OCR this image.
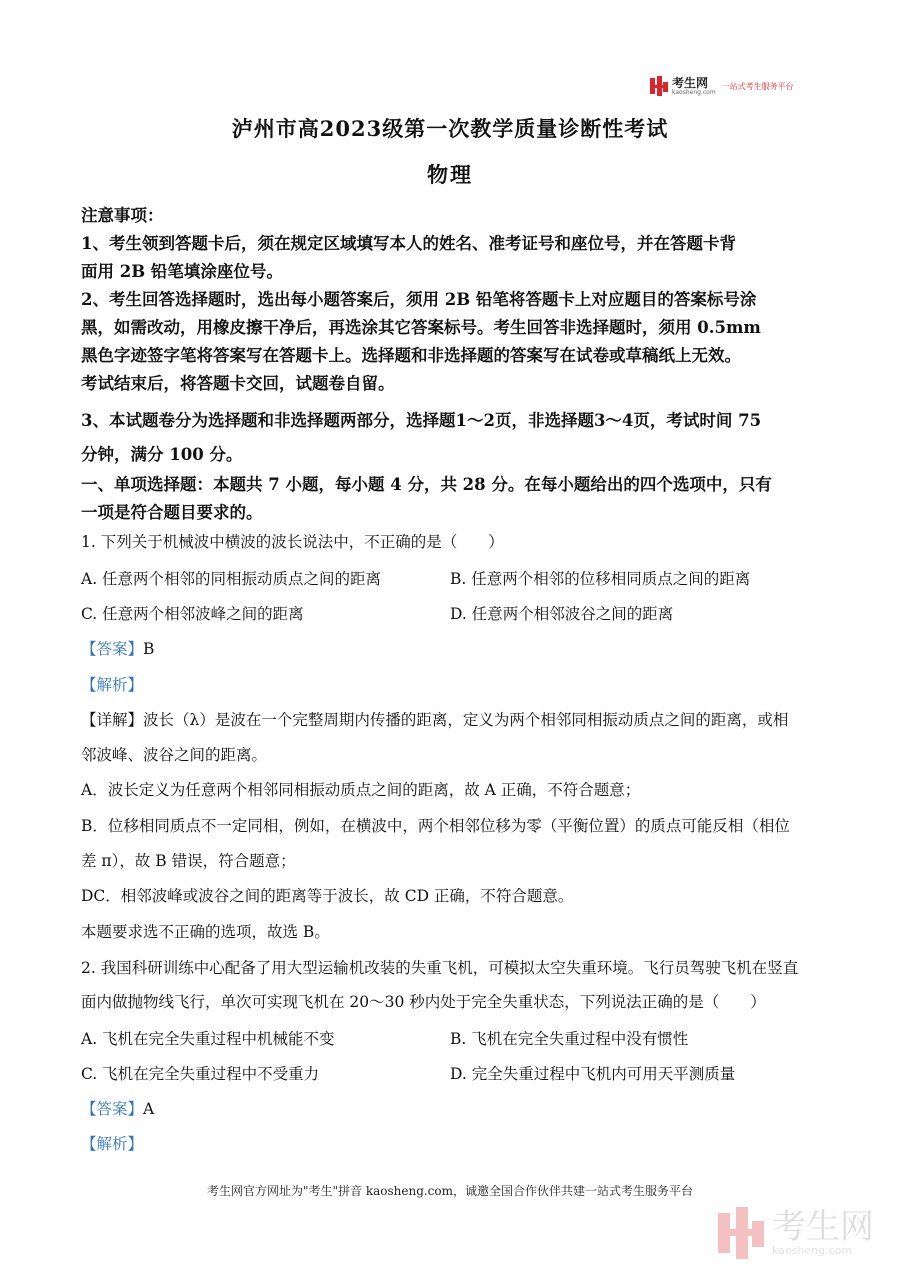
考生网
kaosheng.com
一站式考生服务平台
泸州市高2023级第一次教学质量诊断性考试
物理
注意事项：
1、考生领到答题卡后，须在规定区域填写本人的姓名、准考证号和座位号，并在答题卡背
面用 2B 铅笔填涂座位号。
2、考生回答选择题时，选出每小题答案后，须用 2B 铅笔将答题卡上对应题目的答案标号涂
黑，如需改动，用橡皮擦干净后，再选涂其它答案标号。考生回答非选择题时，须用 0.5mm
黑色字迹签字笔将答案写在答题卡上。选择题和非选择题的答案写在试卷或草稿纸上无效。
考试结束后，将答题卡交回，试题卷自留。
3、本试题卷分为选择题和非选择题两部分，选择题1～2页，非选择题3～4页，考试时间 75
分钟，满分 100 分。
一、单项选择题：本题共 7 小题，每小题 4 分，共 28 分。在每小题给出的四个选项中，只有
一项是符合题目要求的。
1. 下列关于机械波中横波的波长说法中，不正确的是（　　）
A. 任意两个相邻的同相振动质点之间的距离	B. 任意两个相邻的位移相同质点之间的距离
C. 任意两个相邻波峰之间的距离	D. 任意两个相邻波谷之间的距离
【答案】B
【解析】
【详解】波长（λ）是波在一个完整周期内传播的距离，定义为两个相邻同相振动质点之间的距离，或相
邻波峰、波谷之间的距离。
A．波长定义为任意两个相邻同相振动质点之间的距离，故 A 正确，不符合题意；
B．位移相同质点不一定同相，例如，在横波中，两个相邻位移为零（平衡位置）的质点可能反相（相位
差 π），故 B 错误，符合题意；
DC．相邻波峰或波谷之间的距离等于波长，故 CD 正确，不符合题意。
本题要求选不正确的选项，故选 B。
2. 我国科研训练中心配备了用大型运输机改装的失重飞机，可模拟太空失重环境。飞行员驾驶飞机在竖直
面内做抛物线飞行，单次可实现飞机在 20～30 秒内处于完全失重状态，下列说法正确的是（　　）
A. 飞机在完全失重过程中机械能不变	B. 飞机在完全失重过程中没有惯性
C. 飞机在完全失重过程中不受重力	D. 完全失重过程中飞机内可用天平测质量
【答案】A
【解析】
考生网官方网址为"考生"拼音 kaosheng.com，诚邀全国合作伙伴共建一站式考生服务平台
考生网
kaosheng.com
